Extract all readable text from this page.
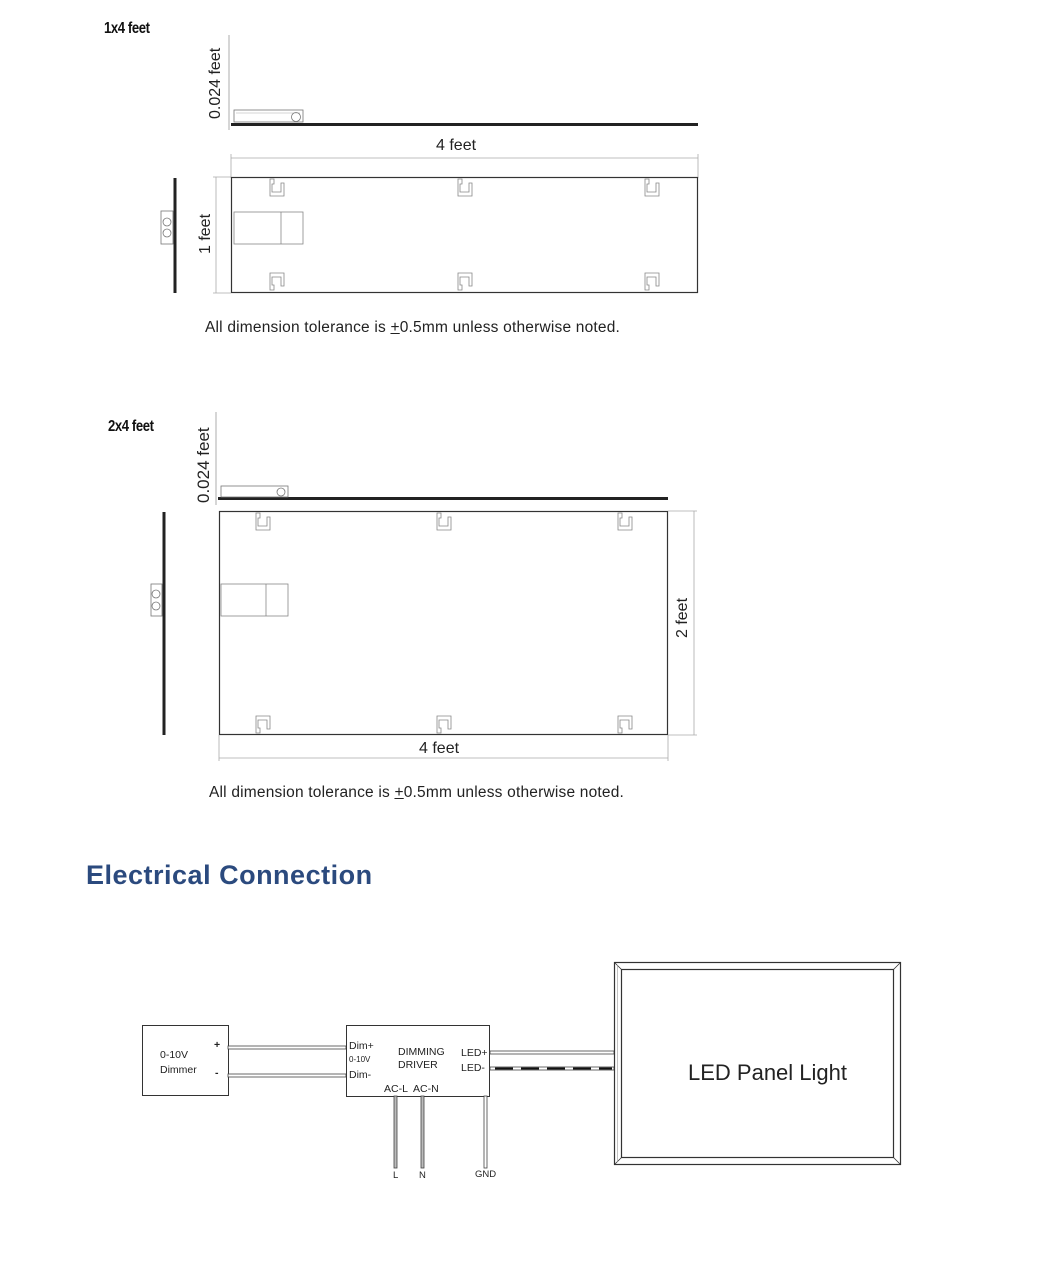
1x4 feet
0.024 feet
4 feet
1 feet
All dimension tolerance is +0.5mm unless otherwise noted.
2x4 feet
0.024 feet
2 feet
4 feet
All dimension tolerance is +0.5mm unless otherwise noted.
Electrical Connection
0-10V
Dimmer
+
-
Dim+
0-10V
Dim-
DIMMING
DRIVER
LED+
LED-
AC-L AC-N
L N	GND
LED Panel Light
